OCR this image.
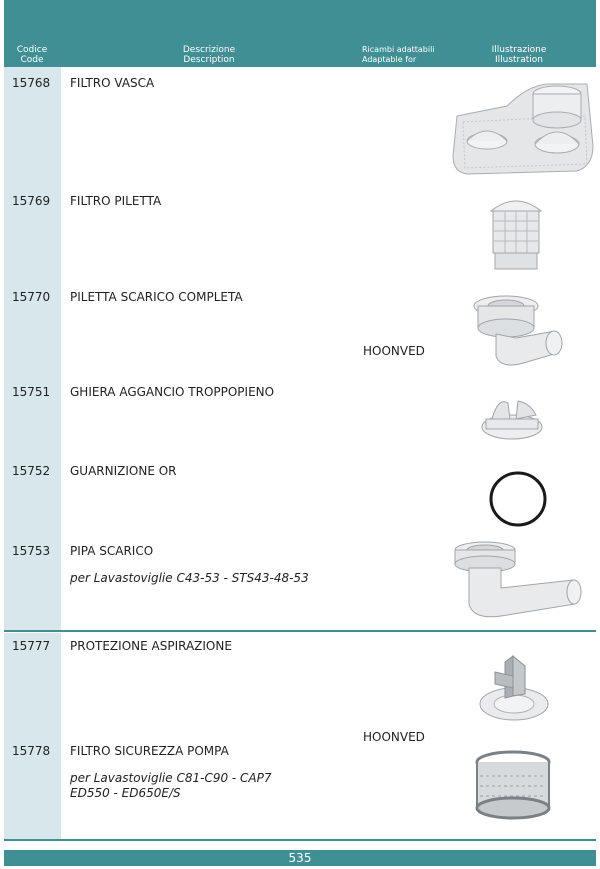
Codice
Code
Descrizione
Description
Ricambi adattabili
Adaptable for
Illustrazione
Illustration
15768 FILTRO VASCA
15769 FILTRO PILETTA
15770 PILETTA SCARICO COMPLETA
HOONVED
15751 GHIERA AGGANCIO TROPPOPIENO
15752 GUARNIZIONE OR
15753 PIPA SCARICO
per Lavastoviglie C43-53 - STS43-48-53
15777 PROTEZIONE ASPIRAZIONE
HOONVED
15778 FILTRO SICUREZZA POMPA
per Lavastoviglie C81-C90 - CAP7
ED550 - ED650E/S
535
